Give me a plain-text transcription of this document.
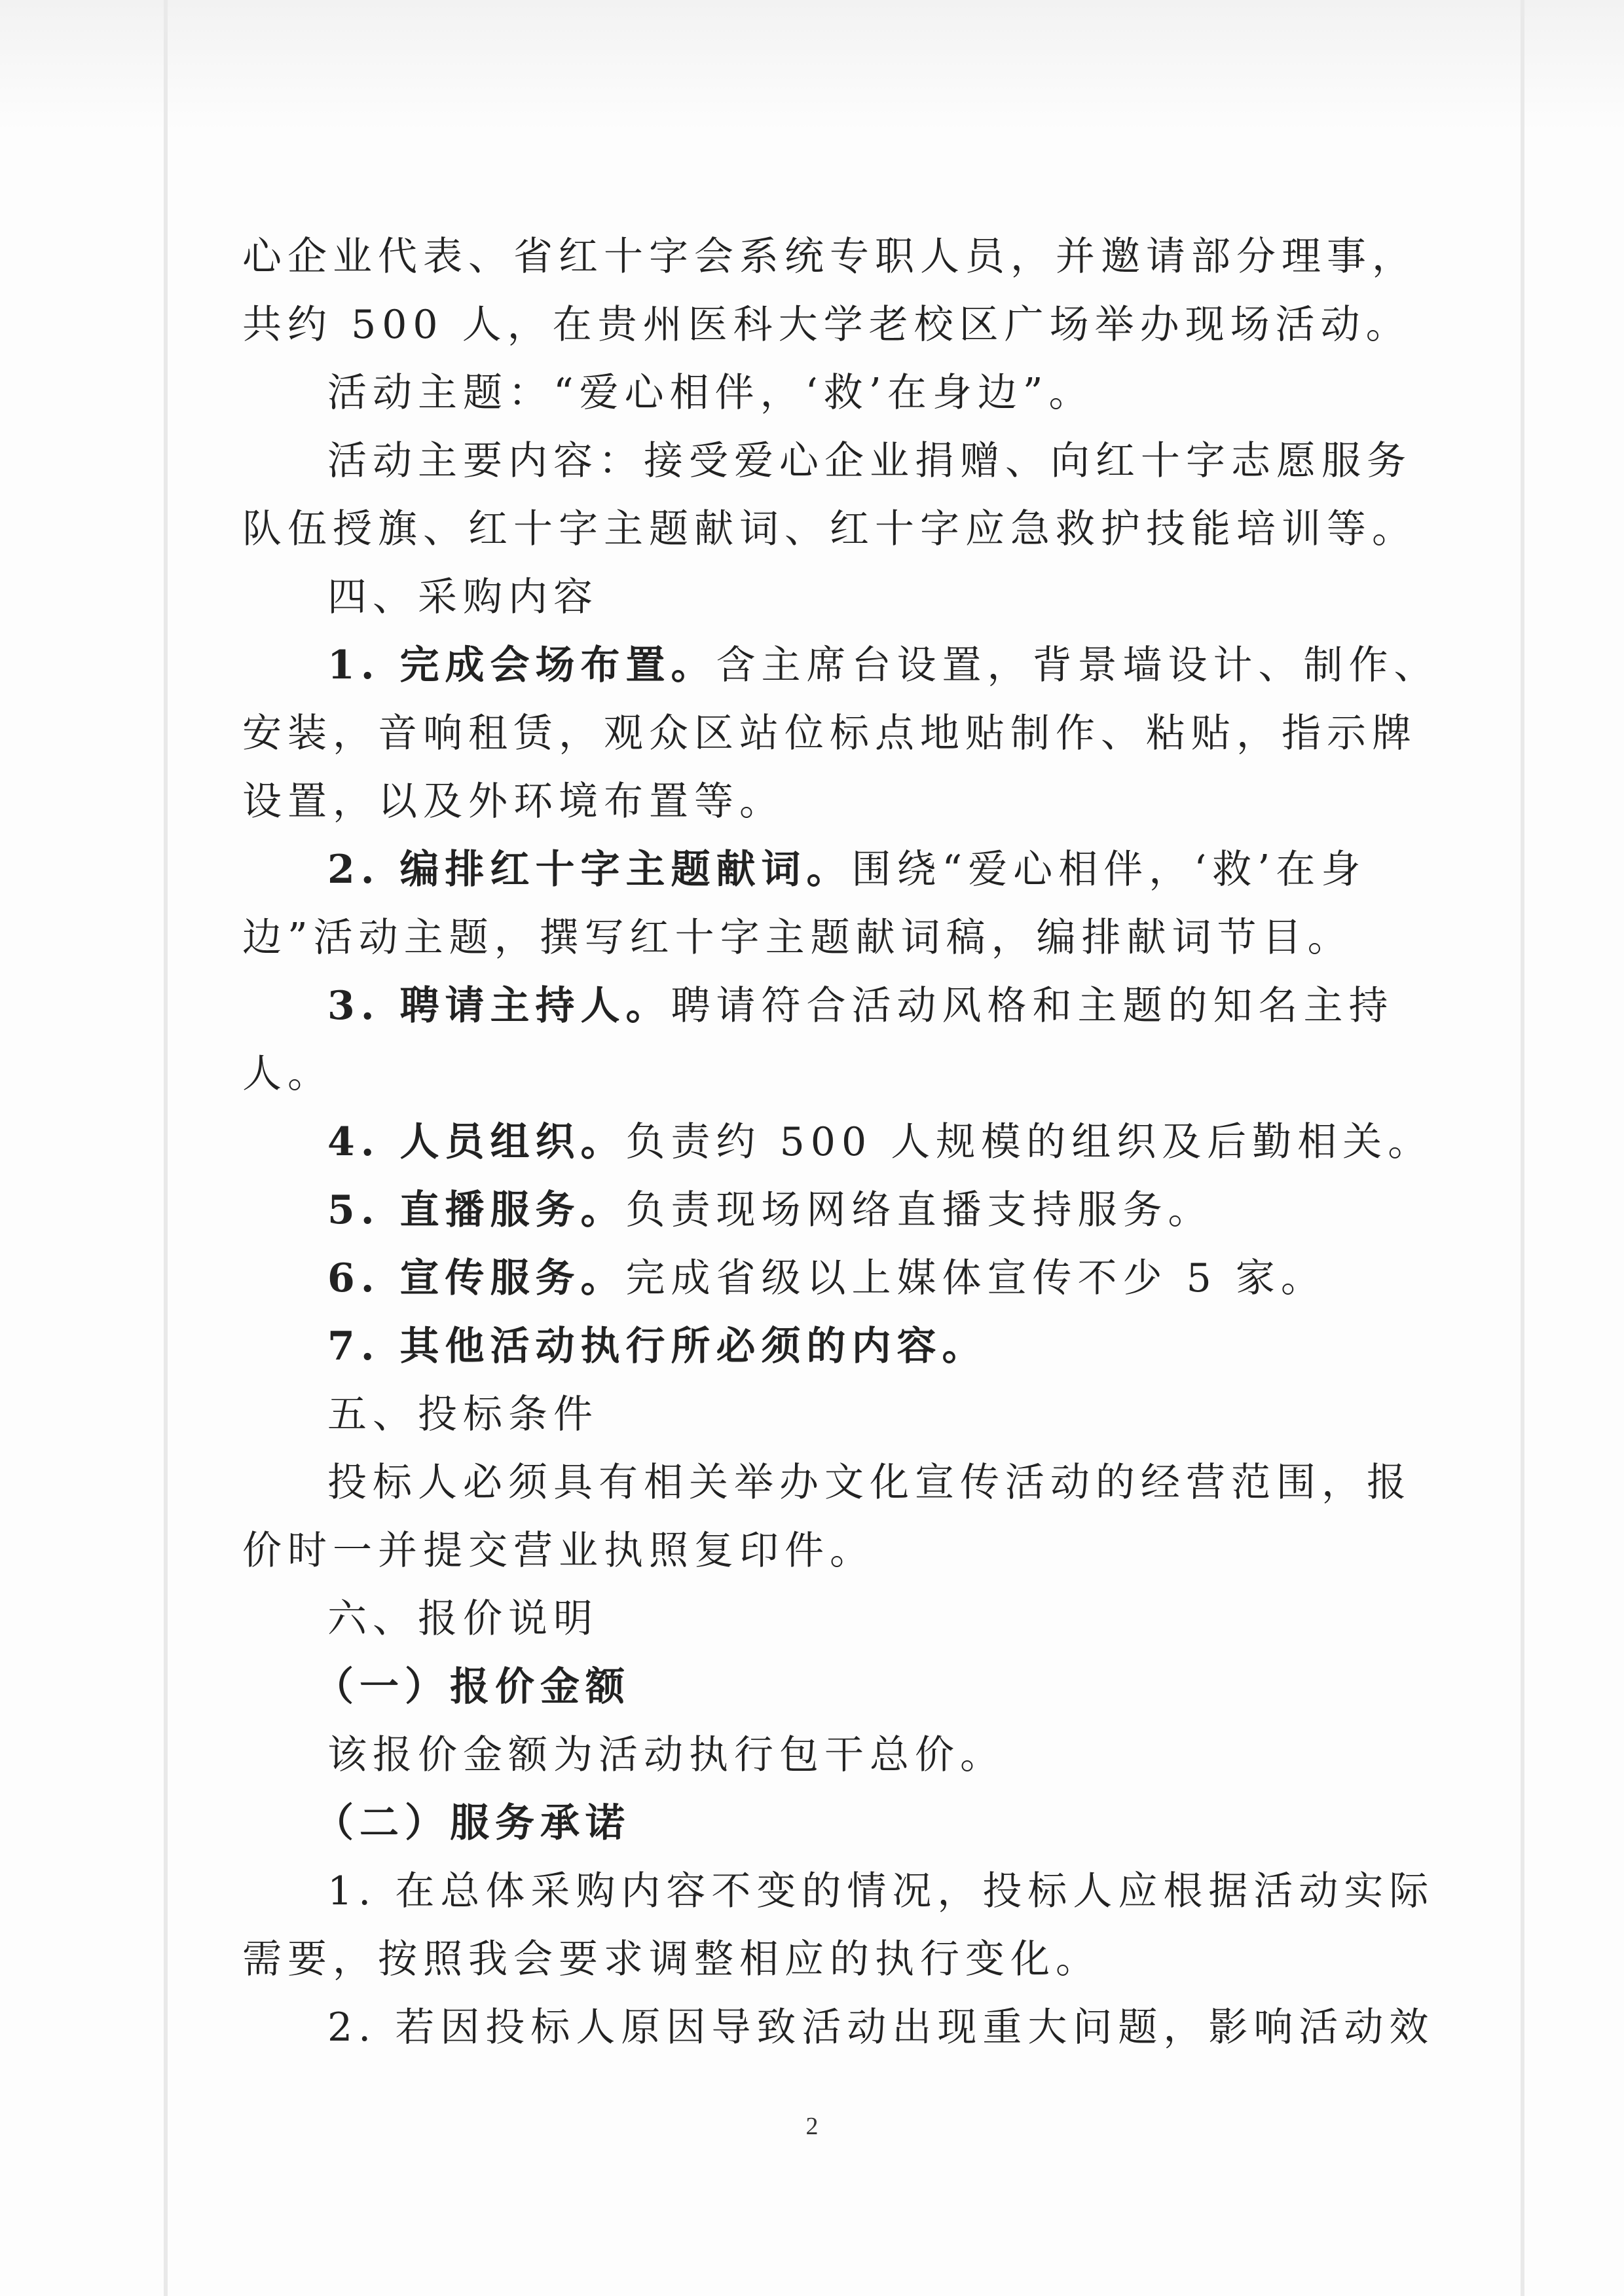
心企业代表、省红十字会系统专职人员，并邀请部分理事，

共约 500 人，在贵州医科大学老校区广场举办现场活动。

活动主题：“爱心相伴，‘救’在身边”。

活动主要内容：接受爱心企业捐赠、向红十字志愿服务

队伍授旗、红十字主题献词、红十字应急救护技能培训等。

四、采购内容

1. 完成会场布置。含主席台设置，背景墙设计、制作、

安装，音响租赁，观众区站位标点地贴制作、粘贴，指示牌

设置，以及外环境布置等。

2. 编排红十字主题献词。围绕“爱心相伴，‘救’在身

边”活动主题，撰写红十字主题献词稿，编排献词节目。

3. 聘请主持人。聘请符合活动风格和主题的知名主持

人。

4. 人员组织。负责约 500 人规模的组织及后勤相关。

5. 直播服务。负责现场网络直播支持服务。

6. 宣传服务。完成省级以上媒体宣传不少 5 家。

7. 其他活动执行所必须的内容。

五、投标条件

投标人必须具有相关举办文化宣传活动的经营范围，报

价时一并提交营业执照复印件。

六、报价说明

（一）报价金额

该报价金额为活动执行包干总价。

（二）服务承诺

1. 在总体采购内容不变的情况，投标人应根据活动实际

需要，按照我会要求调整相应的执行变化。

2. 若因投标人原因导致活动出现重大问题，影响活动效

2
